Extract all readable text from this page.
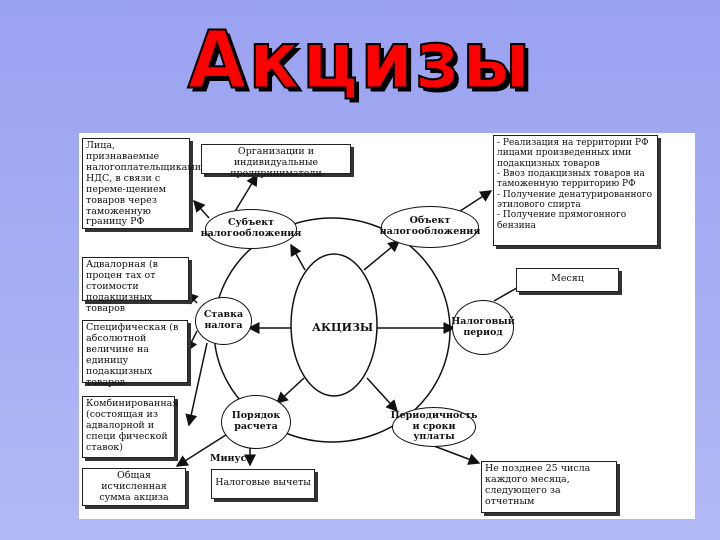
Акцизы
АКЦИЗЫ
Субъект налогообложения
Объект налогообложения
Ставка налога	Налоговый период
Порядок расчета
Периодичность и сроки уплаты
Лица, признаваемые налогоплательщиками НДС, в связи с переме-щением товаров через таможенную границу РФ
Организации и индивидуальные предприниматели
- Реализация на территории РФ лицами произведенных ими подакцизных товаров
- Ввоз подакцизных товаров на таможенную территорию РФ
- Получение денатурированного этилового спирта
- Получение прямогонного бензина
Месяц
Адвалорная (в процен тах от стоимости подакцизных товаров
Специфическая (в абсолютной величине на единицу подакцизных товаров
Комбинированная (состоящая из адвалорной и специ фической ставок)
Общая исчисленная сумма акциза
Налоговые вычеты
Не позднее 25 числа каждого месяца, следующего за отчетным
Минус
